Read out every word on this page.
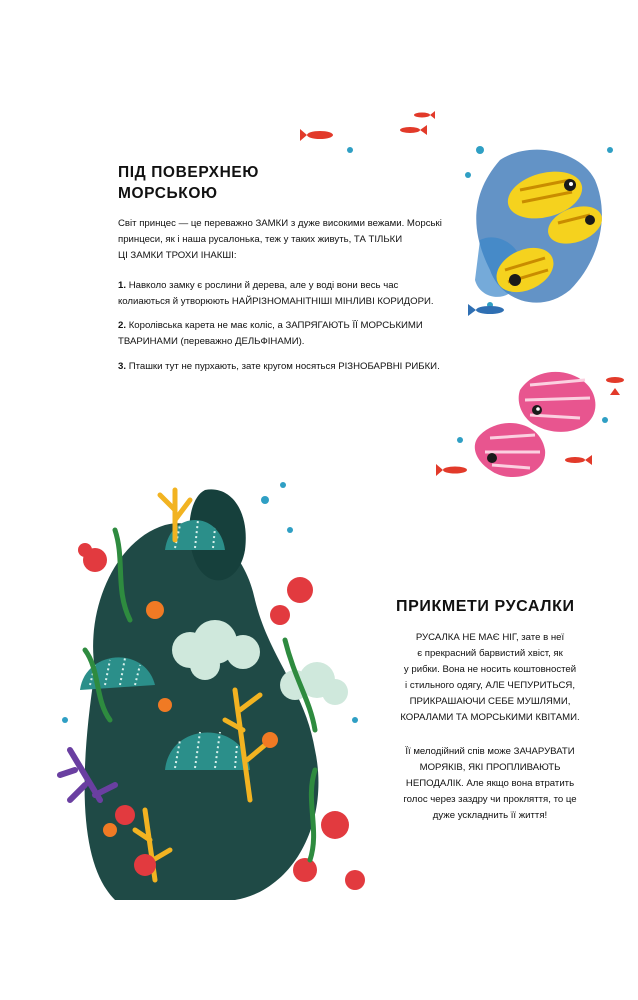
ПІД ПОВЕРХНЕЮ
МОРСЬКОЮ
Світ принцес — це переважно ЗАМКИ з дуже високими вежами. Морські
принцеси, як і наша русалонька, теж у таких живуть, ТА ТІЛЬКИ
ЦІ ЗАМКИ ТРОХИ ІНАКШІ:
1. Навколо замку є рослини й дерева, але у воді вони весь час
колиаються й утворюють НАЙРІЗНОМАНІТНІШІ МІНЛИВІ КОРИДОРИ.
2. Королівська карета не має коліс, а ЗАПРЯГАЮТЬ ЇЇ МОРСЬКИМИ
ТВАРИНАМИ (переважно ДЕЛЬФІНАМИ).
3. Пташки тут не пурхають, зате кругом носяться РІЗНОБАРВНІ РИБКИ.
ПРИКМЕТИ РУСАЛКИ
РУСАЛКА НЕ МАЄ НІГ, зате в неї
є прекрасний барвистий хвіст, як
у рибки. Вона не носить коштовностей
і стильного одягу, АЛЕ ЧЕПУРИТЬСЯ,
ПРИКРАШАЮЧИ СЕБЕ МУШЛЯМИ,
КОРАЛАМИ ТА МОРСЬКИМИ КВІТАМИ.
Її мелодійний спів може ЗАЧАРУВАТИ
МОРЯКІВ, ЯКІ ПРОПЛИВАЮТЬ
НЕПОДАЛІК. Але якщо вона втратить
голос через заздру чи прокляття, то це
дуже ускладнить її життя!
